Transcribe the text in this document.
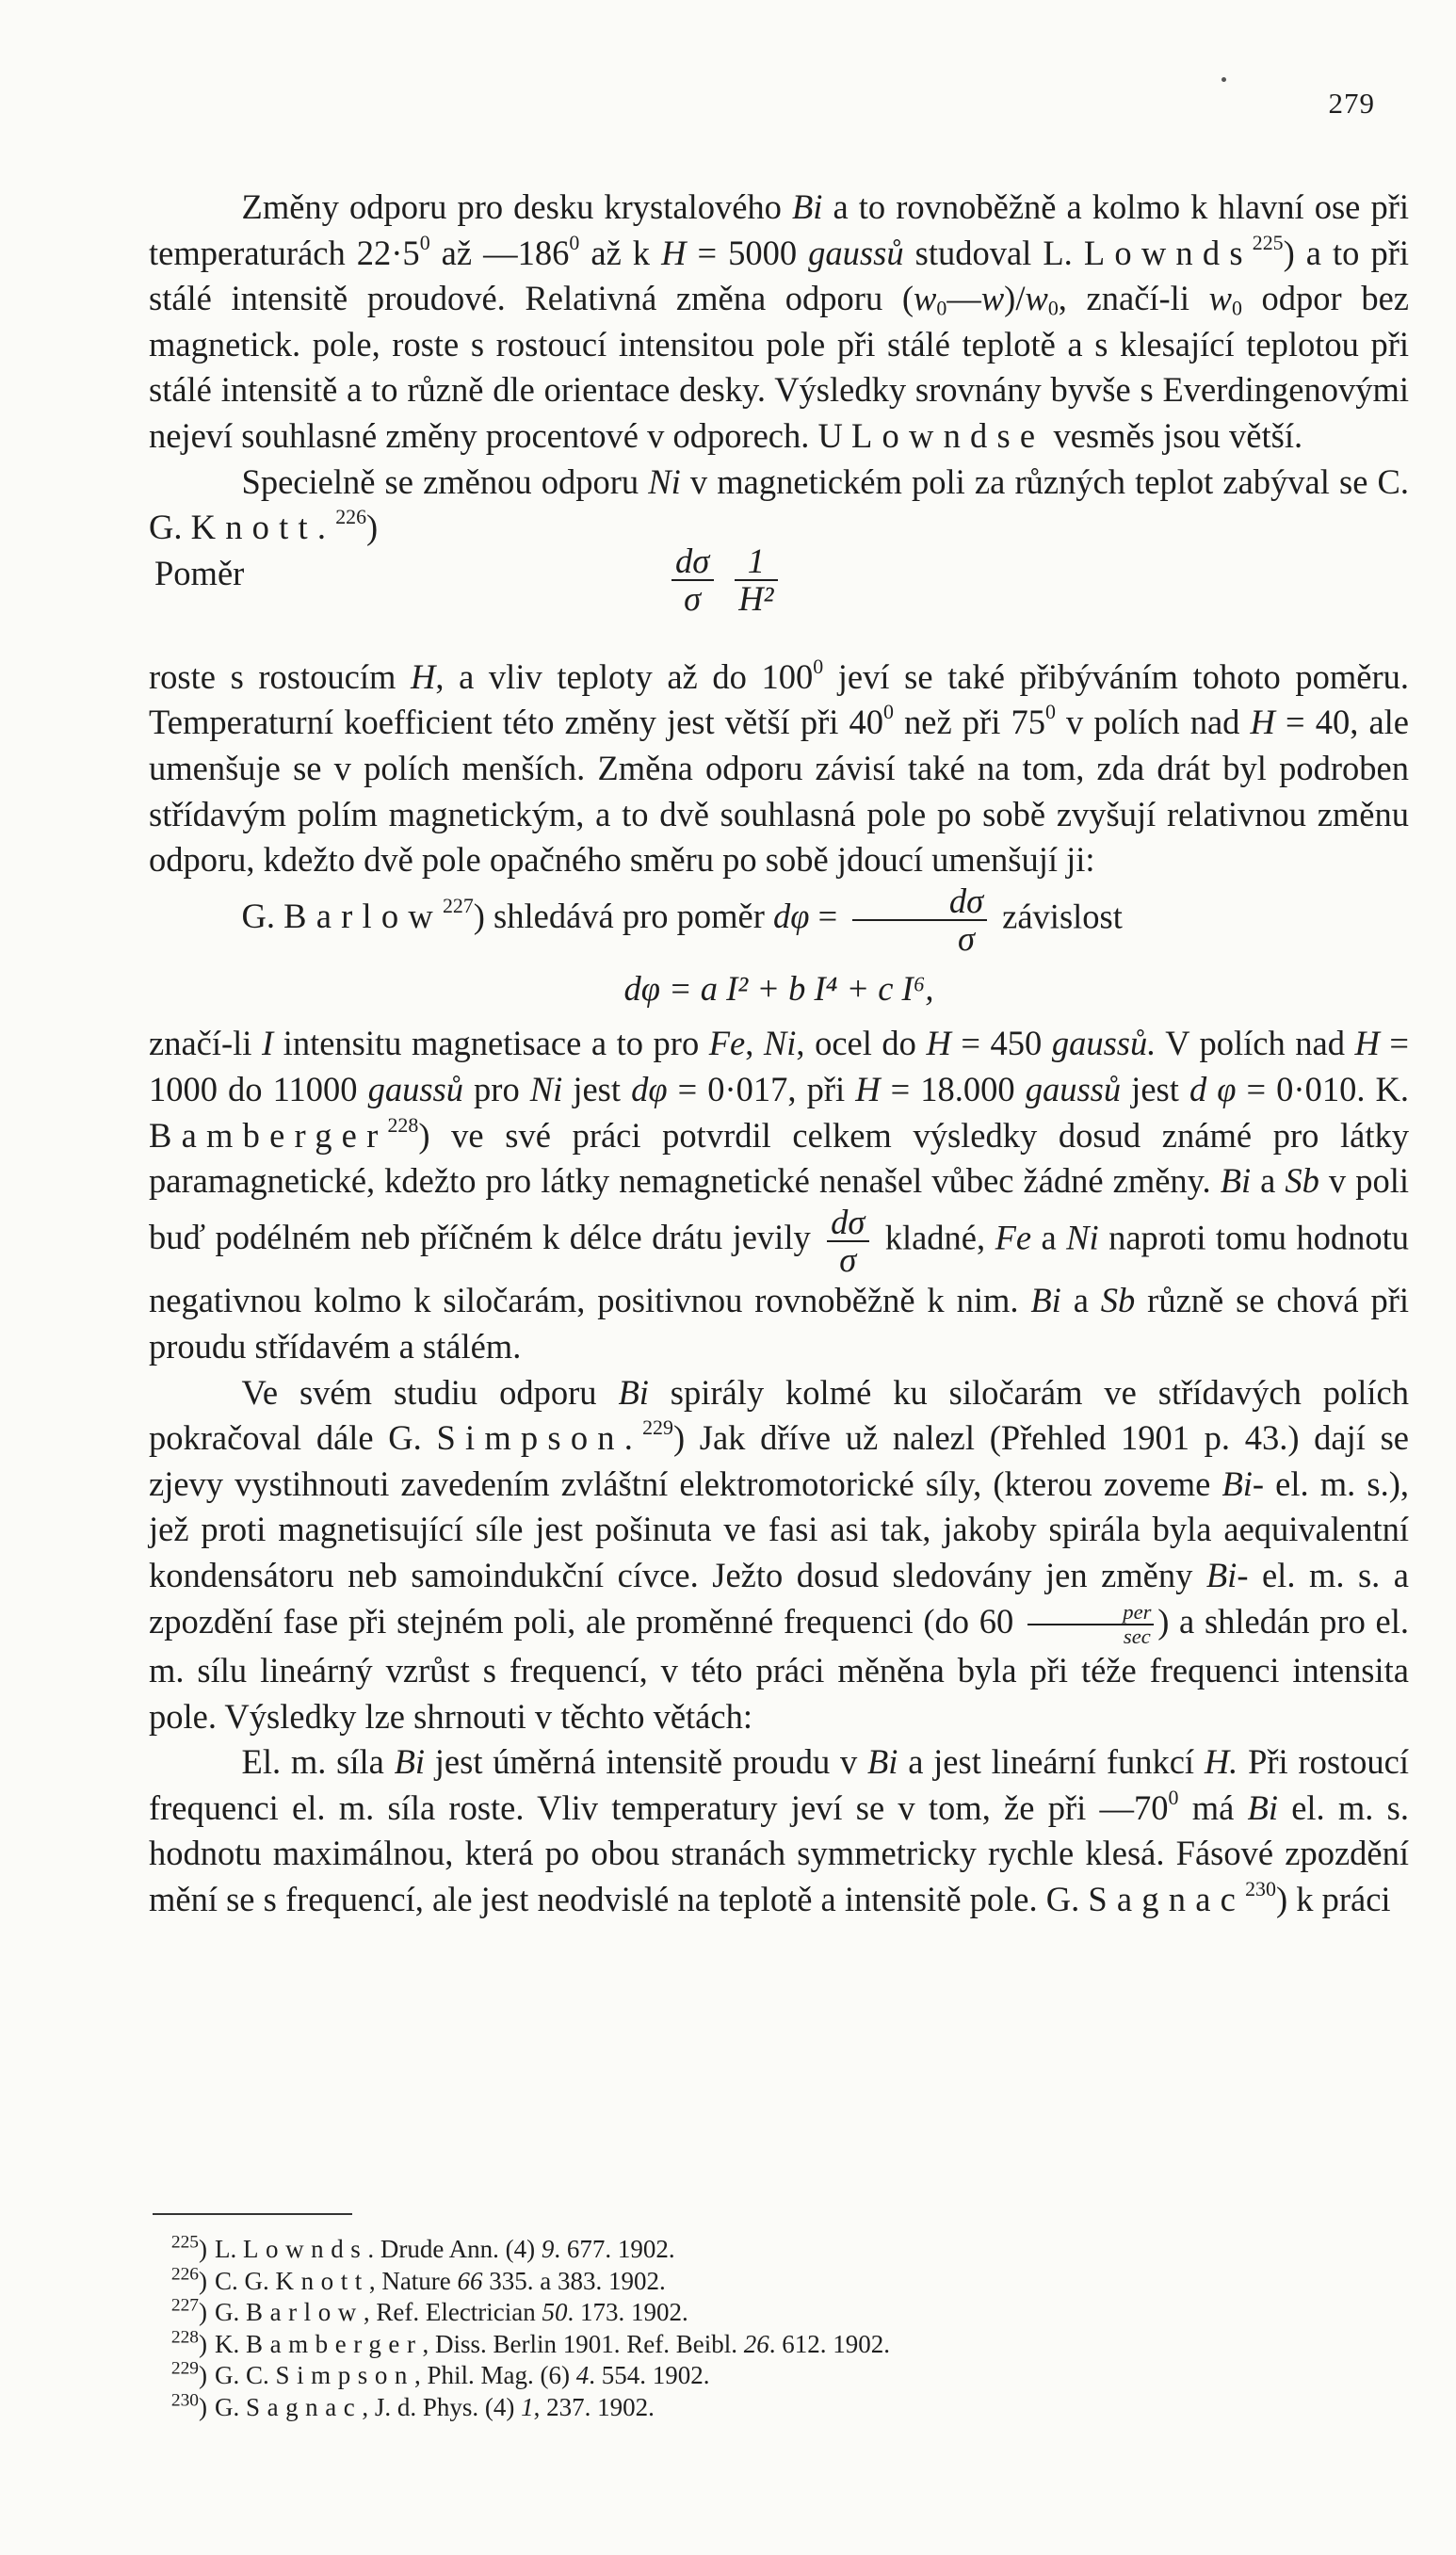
279

Změny odporu pro desku krystalového Bi a to rovnoběžně a kolmo k hlavní ose při temperaturách $22\cdot 5^0$ až $—186^0$ až k H = 5000 gaussů studoval L. Lownds$^{225}$) a to při stálé intensitě proudové. Relativná změna odporu $(w_0—w)/w_0$, značí-li $w_0$ odpor bez magnetick. pole, roste s rostoucí intensitou pole při stálé teplotě a s klesající teplotou při stálé intensitě a to různě dle orientace desky. Výsledky srovnány byvše s Everdingenovými nejeví souhlasné změny procentové v odporech. U Lowndse vesměs jsou větší.

Specielně se změnou odporu Ni v magnetickém poli za různých teplot zabýval se C. G. Knott.$^{226}$)

Poměr	$\frac{d\sigma}{\sigma}$
$\frac{1}{\text{H²}}$

roste s rostoucím H, a vliv teploty až do $100^0$ jeví se také přibýváním tohoto poměru. Temperaturní koefficient této změny jest větší při $40^0$ než při $75^0$ v polích nad H = 40, ale umenšuje se v polích menších. Změna odporu závisí také na tom, zda drát byl podroben střídavým polím magnetickým, a to dvě souhlasná pole po sobě zvyšují relativnou změnu odporu, kdežto dvě pole opačného směru po sobě jdoucí umenšují ji:

G. Barlow$^{227}$) shledává pro poměr $d\varphi = \frac{d\sigma}{\sigma}$ závislost

dφ = a I² + b I⁴ + c I⁶,

značí-li I intensitu magnetisace a to pro Fe, Ni, ocel do H = 450 gaussů. V polích nad H = 1000 do 11000 gaussů pro Ni jest dφ = 0·017, při H = 18.000 gaussů jest d φ = 0·010. K. Bamberger$^{228}$) ve své práci potvrdil celkem výsledky dosud známé pro látky paramagnetické, kdežto pro látky nemagnetické nenašel vůbec žádné změny. Bi a Sb v poli buď podélném neb příčném k délce drátu jevily $\frac{d\sigma}{\sigma}$ kladné, Fe a Ni naproti tomu hodnotu negativnou kolmo k siločarám, positivnou rovnoběžně k nim. Bi a Sb různě se chová při proudu střídavém a stálém.

Ve svém studiu odporu Bi spirály kolmé ku siločarám ve střídavých polích pokračoval dále G. Simpson.$^{229}$) Jak dříve už nalezl (Přehled 1901 p. 43.) dají se zjevy vystihnouti zavedením zvláštní elektromotorické síly, (kterou zoveme Bi- el. m. s.), jež proti magnetisující síle jest pošinuta ve fasi asi tak, jakoby spirála byla aequivalentní kondensátoru neb samoindukční cívce. Ježto dosud sledovány jen změny Bi- el. m. s. a zpozdění fase při stejném poli, ale proměnné frequenci (do $60 \frac{\text{per}}{\sec}$ ) a shledán pro el. m. sílu lineárný vzrůst s frequencí, v této práci měněna byla při téže frequenci intensita pole. Výsledky lze shrnouti v těchto větách:

El. m. síla Bi jest úměrná intensitě proudu v Bi a jest lineární funkcí H. Při rostoucí frequenci el. m. síla roste. Vliv temperatury jeví se v tom, že při $—70^0$ má Bi el. m. s. hodnotu maximálnou, která po obou stranách symmetricky rychle klesá. Fásové zpozdění mění se s frequencí, ale jest neodvislé na teplotě a intensitě pole. G. Sagnac$^{230}$) k práci

$^{225}$) L. Lownds. Drude Ann. (4) 9. 677. 1902.
$^{226}$) C. G. Knott, Nature 66 335. a 383. 1902.
$^{227}$) G. Barlow, Ref. Electrician 50. 173. 1902.
$^{228}$) K. Bamberger, Diss. Berlin 1901. Ref. Beibl. 26. 612. 1902.
$^{229}$) G. C. Simpson, Phil. Mag. (6) 4. 554. 1902.
$^{230}$) G. Sagnac, J. d. Phys. (4) 1, 237. 1902.
